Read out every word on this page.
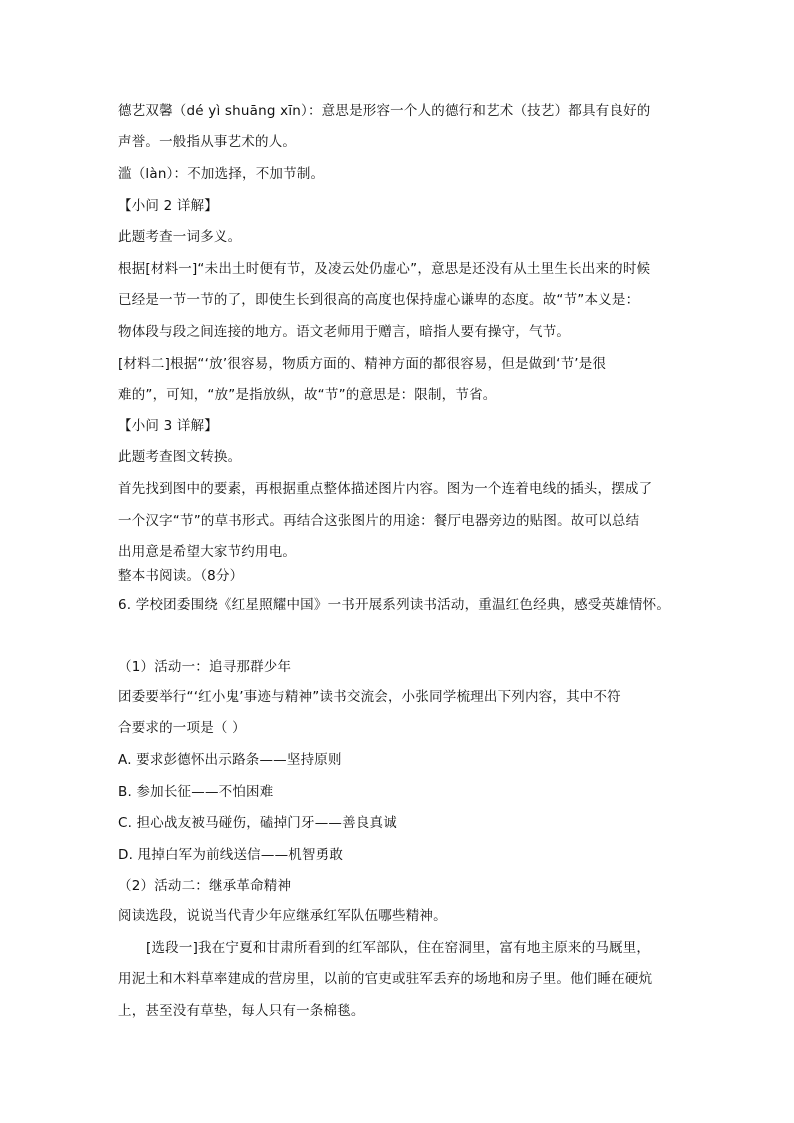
德艺双馨（dé yì shuāng xīn）：意思是形容一个人的德行和艺术（技艺）都具有良好的
声誉。一般指从事艺术的人。
滥（làn）：不加选择，不加节制。
【小问 2 详解】
此题考查一词多义。
根据[材料一]“未出土时便有节，及凌云处仍虚心”，意思是还没有从土里生长出来的时候
已经是一节一节的了，即使生长到很高的高度也保持虚心谦卑的态度。故“节”本义是：
物体段与段之间连接的地方。语文老师用于赠言，暗指人要有操守，气节。
[材料二]根据“‘放’很容易，物质方面的、精神方面的都很容易，但是做到‘节’是很
难的”，可知，“放”是指放纵，故“节”的意思是：限制，节省。
【小问 3 详解】
此题考查图文转换。
首先找到图中的要素，再根据重点整体描述图片内容。图为一个连着电线的插头，摆成了
一个汉字“节”的草书形式。再结合这张图片的用途：餐厅电器旁边的贴图。故可以总结
出用意是希望大家节约用电。
整本书阅读。（8分）
6. 学校团委围绕《红星照耀中国》一书开展系列读书活动，重温红色经典，感受英雄情怀。
（1）活动一：追寻那群少年
团委要举行“‘红小鬼’事迹与精神”读书交流会，小张同学梳理出下列内容，其中不符
合要求的一项是（ ）
A. 要求彭德怀出示路条——坚持原则
B. 参加长征——不怕困难
C. 担心战友被马碰伤，磕掉门牙——善良真诚
D. 甩掉白军为前线送信——机智勇敢
（2）活动二：继承革命精神
阅读选段，说说当代青少年应继承红军队伍哪些精神。
[选段一]我在宁夏和甘肃所看到的红军部队，住在窑洞里，富有地主原来的马厩里，
用泥土和木料草率建成的营房里，以前的官吏或驻军丢弃的场地和房子里。他们睡在硬炕
上，甚至没有草垫，每人只有一条棉毯。
